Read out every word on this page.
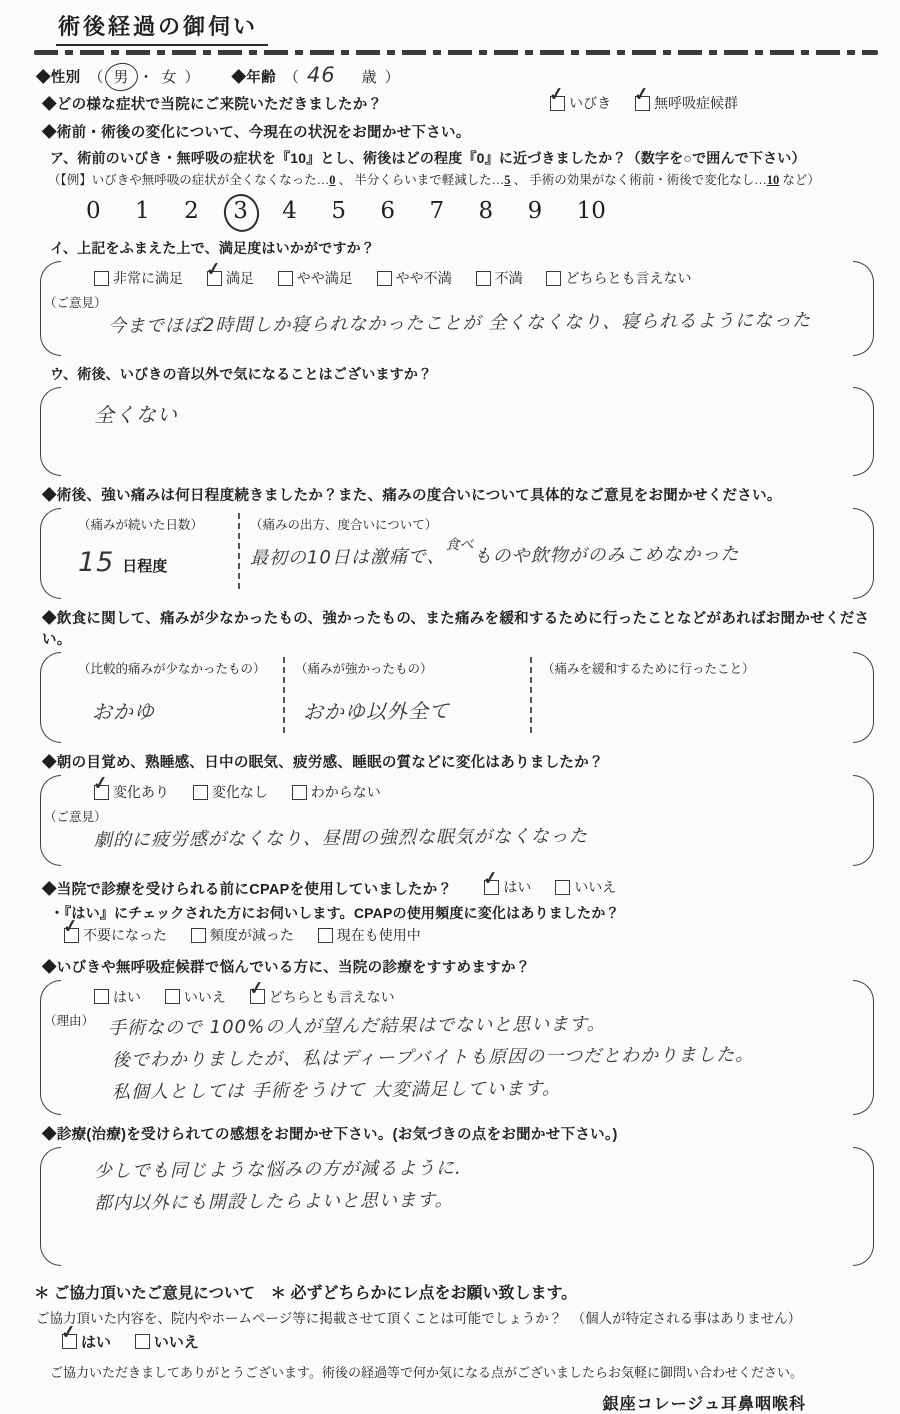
術後経過の御伺い
◆性別 （ 男 ・ 女 ） ◆年齢 （ 46 歳 ）
◆どの様な症状で当院にご来院いただきましたか？	✓ いびき
✓ 無呼吸症候群
◆術前・術後の変化について、今現在の状況をお聞かせ下さい。
ア、術前のいびき・無呼吸の症状を『10』とし、術後はどの程度『0』に近づきましたか？（数字を○で囲んで下さい）
（【例】いびきや無呼吸の症状が全くなくなった…0 、 半分くらいまで軽減した…5 、 手術の効果がなく術前・術後で変化なし…10 など）
0 1 2 3 4 5 6 7 8 9 10
イ、上記をふまえた上で、満足度はいかがですか？
非常に満足
✓ 満足
	やや満足
	やや不満
	不満
	どちらとも言えない
（ご意見）
今までほぼ2時間しか寝られなかったことが 全くなくなり、寝られるようになった
ウ、術後、いびきの音以外で気になることはございますか？
全くない
◆術後、強い痛みは何日程度続きましたか？また、痛みの度合いについて具体的なご意見をお聞かせください。
（痛みが続いた日数）
15 日程度
（痛みの出方、度合いについて）
最初の10日は激痛で、$^{食べ}$ものや飲物がのみこめなかった
◆飲食に関して、痛みが少なかったもの、強かったもの、また痛みを緩和するために行ったことなどがあればお聞かせください。
（比較的痛みが少なかったもの）
おかゆ
（痛みが強かったもの）
おかゆ以外全て
（痛みを緩和するために行ったこと）
◆朝の目覚め、熟睡感、日中の眠気、疲労感、睡眠の質などに変化はありましたか？
✓ 変化あり
	変化なし
	わからない
（ご意見）
劇的に疲労感がなくなり、昼間の強烈な眠気がなくなった
◆当院で診療を受けられる前にCPAPを使用していましたか？
✓ はい
	いいえ
・『はい』にチェックされた方にお伺いします。CPAPの使用頻度に変化はありましたか？
✓ 不要になった
	頻度が減った
	現在も使用中
◆いびきや無呼吸症候群で悩んでいる方に、当院の診療をすすめますか？
はい
	いいえ
✓ どちらとも言えない
（理由） 手術なので 100%の人が望んだ結果はでないと思います。
後でわかりましたが、私はディープバイトも原因の一つだとわかりました。
私個人としては 手術をうけて 大変満足しています。
◆診療(治療)を受けられての感想をお聞かせ下さい。(お気づきの点をお聞かせ下さい。)
少しでも同じような悩みの方が減るように.
都内以外にも開設したらよいと思います。
＊ ご協力頂いたご意見について　＊ 必ずどちらかにレ点をお願い致します。
ご協力頂いた内容を、院内やホームページ等に掲載させて頂くことは可能でしょうか？ （個人が特定される事はありません）
✓ はい
	いいえ
ご協力いただきましてありがとうございます。術後の経過等で何か気になる点がございましたらお気軽に御問い合わせください。
銀座コレージュ耳鼻咽喉科
